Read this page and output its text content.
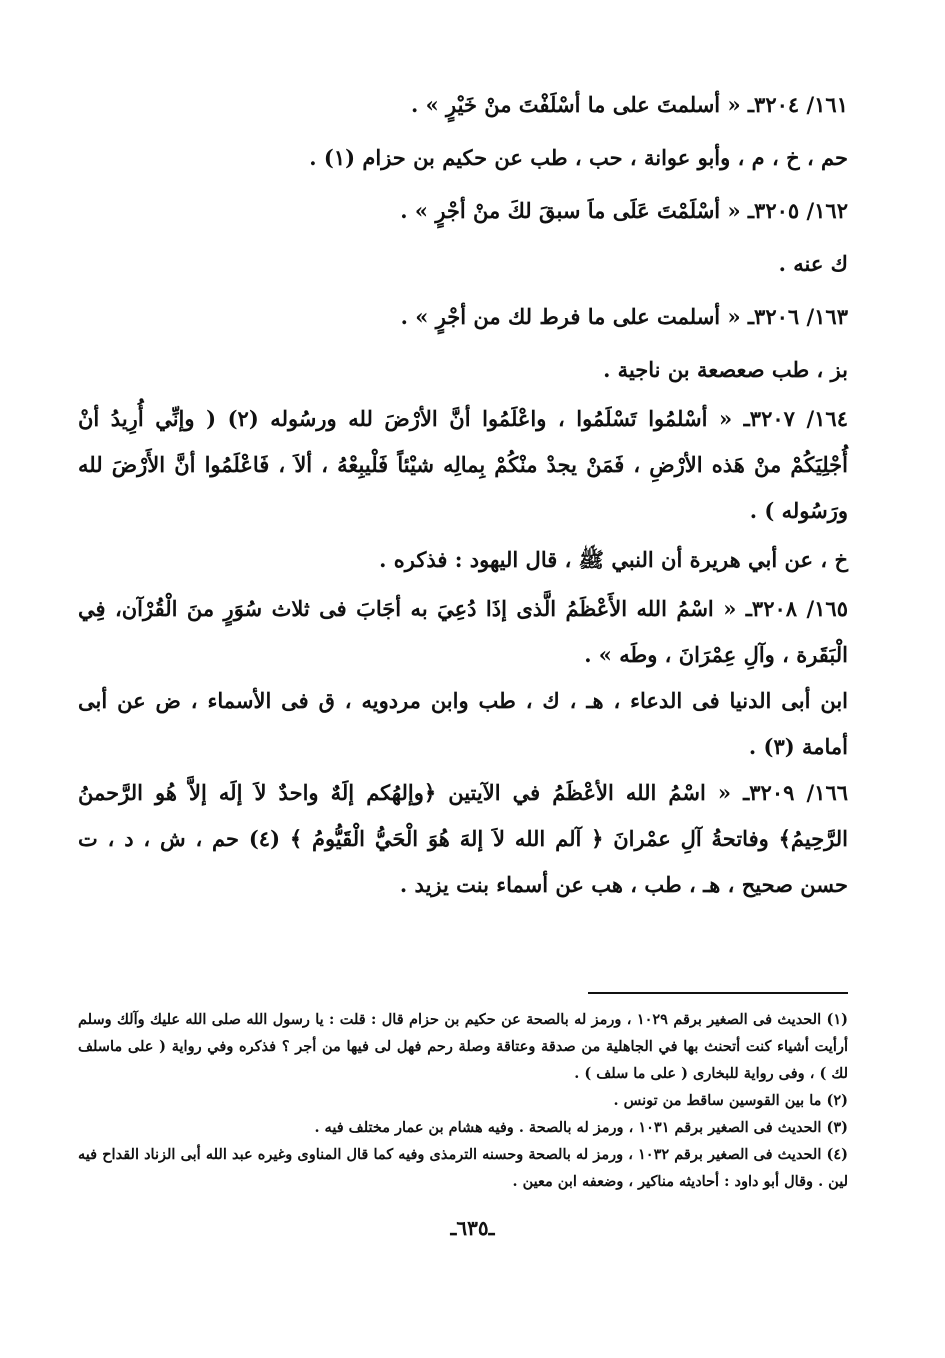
١٦١/ ٣٢٠٤ـ « أسلمتَ على ما أسْلَفْتَ منْ خَيْرٍ » .

حم ، خ ، م ، وأبو عوانة ، حب ، طب عن حكيم بن حزام (١) .

١٦٢/ ٣٢٠٥ـ « أسْلَمْتَ عَلَى ماَ سبقَ لكَ منْ أجْرٍ » .

ك عنه .

١٦٣/ ٣٢٠٦ـ « أسلمت على ما فرط لك من أجْرٍ » .

بز ، طب صعصعة بن ناجية .

١٦٤/ ٣٢٠٧ـ « أسْلمُوا تَسْلَمُوا ، واعْلَمُوا أنَّ الأرْضَ لله ورسُوله (٢) ( وإنِّي أُرِيدُ أنْ أُجْلِيَكُمْ منْ هَذه الأرْضِ ، فَمَنْ يجدْ منْكُمْ بِمالِه شيْئاً فَلْيبِعْهُ ، ألاَ ، فَاعْلَمُوا أنَّ الأَرْضَ لله ورَسُوله ) .

خ ، عن أبي هريرة أن النبي ﷺ ، قال اليهود : فذكره .

١٦٥/ ٣٢٠٨ـ « اسْمُ الله الأَعْظَمُ الَّذى إذَا دُعِيَ به أجَابَ فى ثلاث سُوَرٍ منَ الْقُرْآن، فِي الْبَقَرة ، وآلِ عِمْرَانَ ، وطَه » .

ابن أبى الدنيا فى الدعاء ، هـ ، ك ، طب وابن مردويه ، ق فى الأسماء ، ض عن أبى أمامة (٣) .

١٦٦/ ٣٢٠٩ـ « اسْمُ الله الأعْظَمُ في الآيتين ﴿وإلهُكم إلَهٌ واحدٌ لاَ إلَه إلاَّ هُو الرَّحمنُ الرَّحِيمُ﴾ وفاتحةُ آلِ عمْرانَ ﴿ آلم الله لاَ إلهَ هُوَ الْحَيُّ الْقَيُّومُ ﴾ (٤) حم ، ش ، د ، ت حسن صحيح ، هـ ، طب ، هب عن أسماء بنت يزيد .

(١) الحديث فى الصغير برقم ١٠٢٩ ، ورمز له بالصحة عن حكيم بن حزام قال : قلت : يا رسول الله صلى الله عليك وآلك وسلم أرأيت أشياء كنت أتحنث بها في الجاهلية من صدقة وعتاقة وصلة رحم فهل لى فيها من أجر ؟ فذكره وفي رواية ( على ماسلف لك ) ، وفى رواية للبخارى ( على ما سلف ) .

(٢) ما بين القوسين ساقط من تونس .

(٣) الحديث فى الصغير برقم ١٠٣١ ، ورمز له بالصحة . وفيه هشام بن عمار مختلف فيه .

(٤) الحديث فى الصغير برقم ١٠٣٢ ، ورمز له بالصحة وحسنه الترمذى وفيه كما قال المناوى وغيره عبد الله أبى الزناد القداح فيه لين . وقال أبو داود : أحاديثه مناكير ، وضعفه ابن معين .

ـ٦٣٥ـ
